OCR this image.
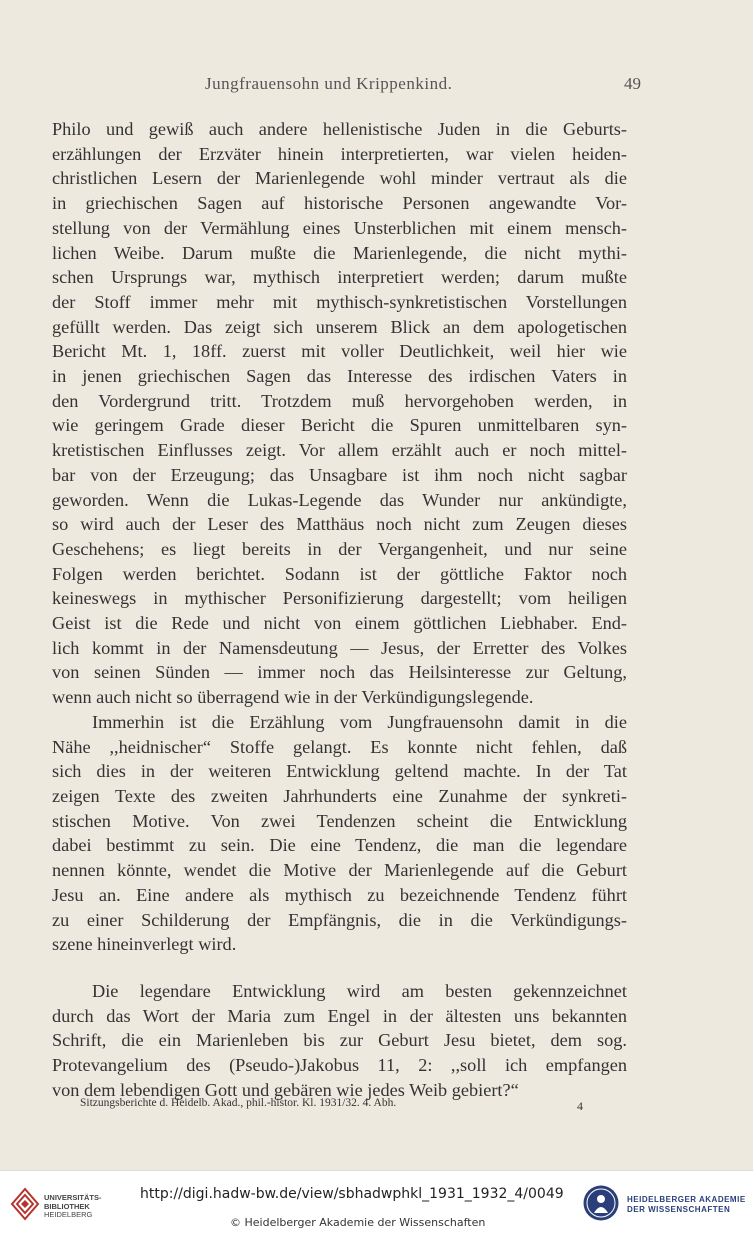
Jungfrauensohn und Krippenkind.	49
Philo und gewiß auch andere hellenistische Juden in die Geburts-
erzählungen der Erzväter hinein interpretierten, war vielen heiden-
christlichen Lesern der Marienlegende wohl minder vertraut als die
in griechischen Sagen auf historische Personen angewandte Vor-
stellung von der Vermählung eines Unsterblichen mit einem mensch-
lichen Weibe. Darum mußte die Marienlegende, die nicht mythi-
schen Ursprungs war, mythisch interpretiert werden; darum mußte
der Stoff immer mehr mit mythisch-synkretistischen Vorstellungen
gefüllt werden. Das zeigt sich unserem Blick an dem apologetischen
Bericht Mt. 1, 18ff. zuerst mit voller Deutlichkeit, weil hier wie
in jenen griechischen Sagen das Interesse des irdischen Vaters in
den Vordergrund tritt. Trotzdem muß hervorgehoben werden, in
wie geringem Grade dieser Bericht die Spuren unmittelbaren syn-
kretistischen Einflusses zeigt. Vor allem erzählt auch er noch mittel-
bar von der Erzeugung; das Unsagbare ist ihm noch nicht sagbar
geworden. Wenn die Lukas-Legende das Wunder nur ankündigte,
so wird auch der Leser des Matthäus noch nicht zum Zeugen dieses
Geschehens; es liegt bereits in der Vergangenheit, und nur seine
Folgen werden berichtet. Sodann ist der göttliche Faktor noch
keineswegs in mythischer Personifizierung dargestellt; vom heiligen
Geist ist die Rede und nicht von einem göttlichen Liebhaber. End-
lich kommt in der Namensdeutung — Jesus, der Erretter des Volkes
von seinen Sünden — immer noch das Heilsinteresse zur Geltung,
wenn auch nicht so überragend wie in der Verkündigungslegende.
Immerhin ist die Erzählung vom Jungfrauensohn damit in die
Nähe ,,heidnischer“ Stoffe gelangt. Es konnte nicht fehlen, daß
sich dies in der weiteren Entwicklung geltend machte. In der Tat
zeigen Texte des zweiten Jahrhunderts eine Zunahme der synkreti-
stischen Motive. Von zwei Tendenzen scheint die Entwicklung
dabei bestimmt zu sein. Die eine Tendenz, die man die legendare
nennen könnte, wendet die Motive der Marienlegende auf die Geburt
Jesu an. Eine andere als mythisch zu bezeichnende Tendenz führt
zu einer Schilderung der Empfängnis, die in die Verkündigungs-
szene hineinverlegt wird.
Die legendare Entwicklung wird am besten gekennzeichnet
durch das Wort der Maria zum Engel in der ältesten uns bekannten
Schrift, die ein Marienleben bis zur Geburt Jesu bietet, dem sog.
Protevangelium des (Pseudo-)Jakobus 11, 2: ,,soll ich empfangen
von dem lebendigen Gott und gebären wie jedes Weib gebiert?“
Sitzungsberichte d. Heidelb. Akad., phil.-histor. Kl. 1931/32. 4. Abh.	4
UNIVERSITÄTS-
BIBLIOTHEK
HEIDELBERG
http://digi.hadw-bw.de/view/sbhadwphkl_1931_1932_4/0049
© Heidelberger Akademie der Wissenschaften
HEIDELBERGER AKADEMIE
DER WISSENSCHAFTEN
